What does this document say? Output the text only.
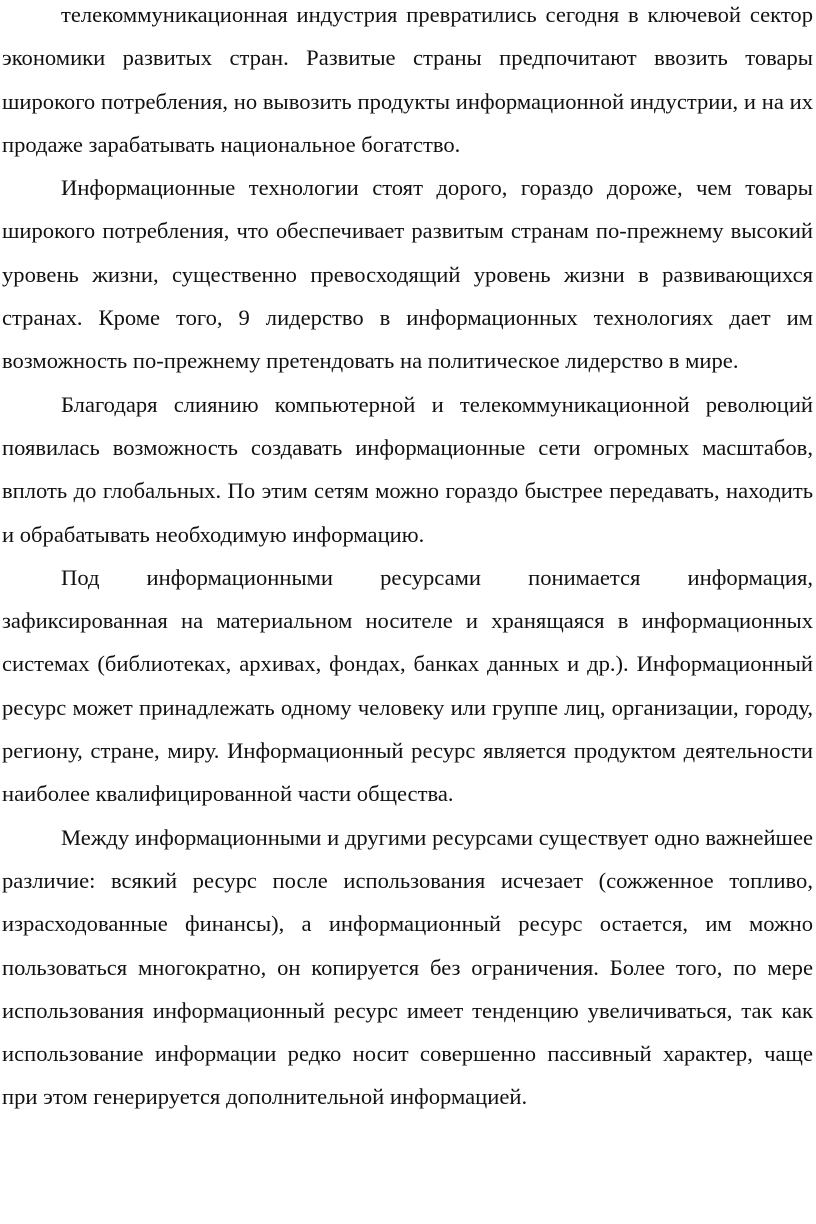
телекоммуникационная индустрия превратились сегодня в ключевой сектор экономики развитых стран. Развитые страны предпочитают ввозить товары широкого потребления, но вывозить продукты информационной индустрии, и на их продаже зарабатывать национальное богатство.

Информационные технологии стоят дорого, гораздо дороже, чем товары широкого потребления, что обеспечивает развитым странам по-прежнему высокий уровень жизни, существенно превосходящий уровень жизни в развивающихся странах. Кроме того, 9 лидерство в информационных технологиях дает им возможность по-прежнему претендовать на политическое лидерство в мире.

Благодаря слиянию компьютерной и телекоммуникационной революций появилась возможность создавать информационные сети огромных масштабов, вплоть до глобальных. По этим сетям можно гораздо быстрее передавать, находить и обрабатывать необходимую информацию.

Под информационными ресурсами понимается информация, зафиксированная на материальном носителе и хранящаяся в информационных системах (библиотеках, архивах, фондах, банках данных и др.). Информационный ресурс может принадлежать одному человеку или группе лиц, организации, городу, региону, стране, миру. Информационный ресурс является продуктом деятельности наиболее квалифицированной части общества.

Между информационными и другими ресурсами существует одно важнейшее различие: всякий ресурс после использования исчезает (сожженное топливо, израсходованные финансы), а информационный ресурс остается, им можно пользоваться многократно, он копируется без ограничения. Более того, по мере использования информационный ресурс имеет тенденцию увеличиваться, так как использование информации редко носит совершенно пассивный характер, чаще при этом генерируется дополнительной информацией.
